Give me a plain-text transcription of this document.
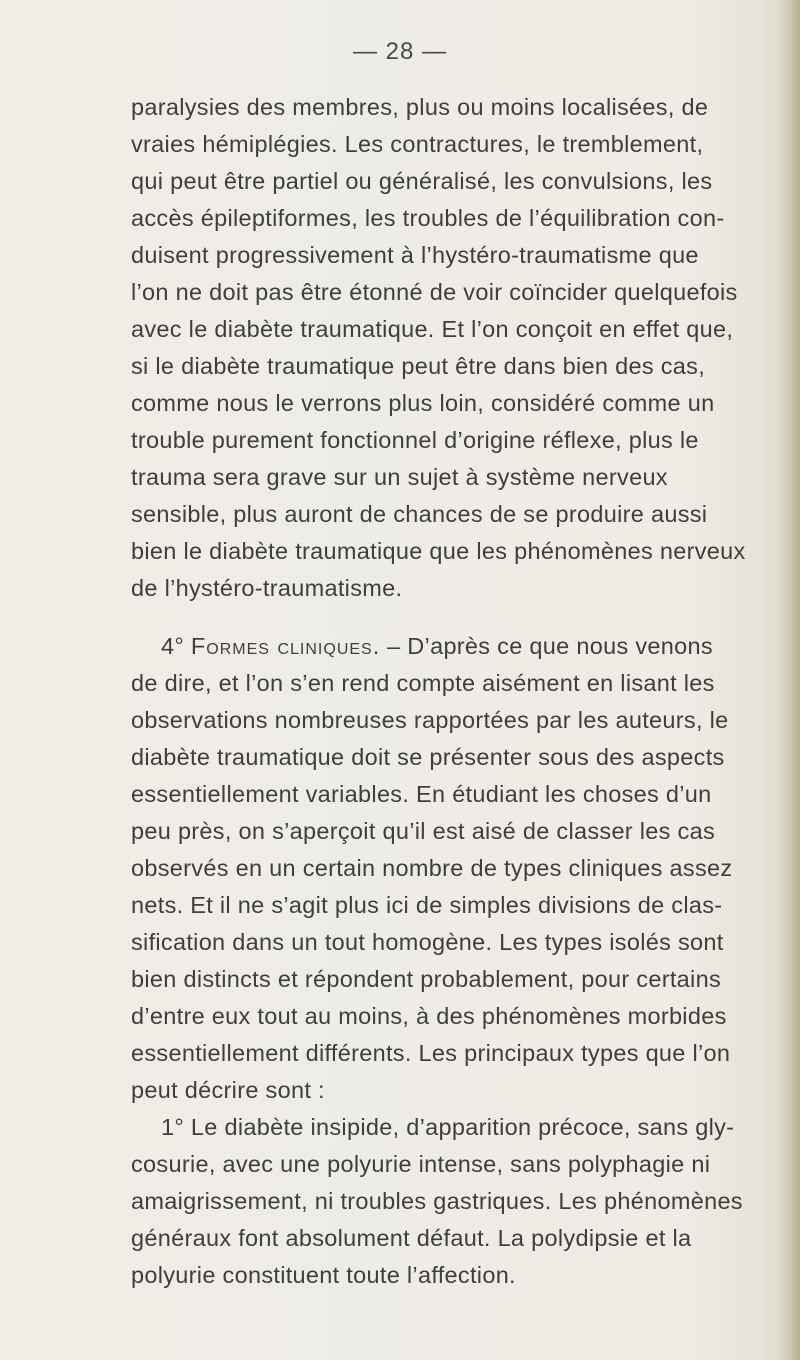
— 28 —
paralysies des membres, plus ou moins localisées, de
vraies hémiplégies. Les contractures, le tremblement,
qui peut être partiel ou généralisé, les convulsions, les
accès épileptiformes, les troubles de l’équilibration con-
duisent progressivement à l’hystéro-traumatisme que
l’on ne doit pas être étonné de voir coïncider quelquefois
avec le diabète traumatique. Et l’on conçoit en effet que,
si le diabète traumatique peut être dans bien des cas,
comme nous le verrons plus loin, considéré comme un
trouble purement fonctionnel d’origine réflexe, plus le
trauma sera grave sur un sujet à système nerveux
sensible, plus auront de chances de se produire aussi
bien le diabète traumatique que les phénomènes nerveux
de l’hystéro-traumatisme.
4° Formes cliniques. – D’après ce que nous venons
de dire, et l’on s’en rend compte aisément en lisant les
observations nombreuses rapportées par les auteurs, le
diabète traumatique doit se présenter sous des aspects
essentiellement variables. En étudiant les choses d’un
peu près, on s’aperçoit qu’il est aisé de classer les cas
observés en un certain nombre de types cliniques assez
nets. Et il ne s’agit plus ici de simples divisions de clas-
sification dans un tout homogène. Les types isolés sont
bien distincts et répondent probablement, pour certains
d’entre eux tout au moins, à des phénomènes morbides
essentiellement différents. Les principaux types que l’on
peut décrire sont :
1° Le diabète insipide, d’apparition précoce, sans gly-
cosurie, avec une polyurie intense, sans polyphagie ni
amaigrissement, ni troubles gastriques. Les phénomènes
généraux font absolument défaut. La polydipsie et la
polyurie constituent toute l’affection.
